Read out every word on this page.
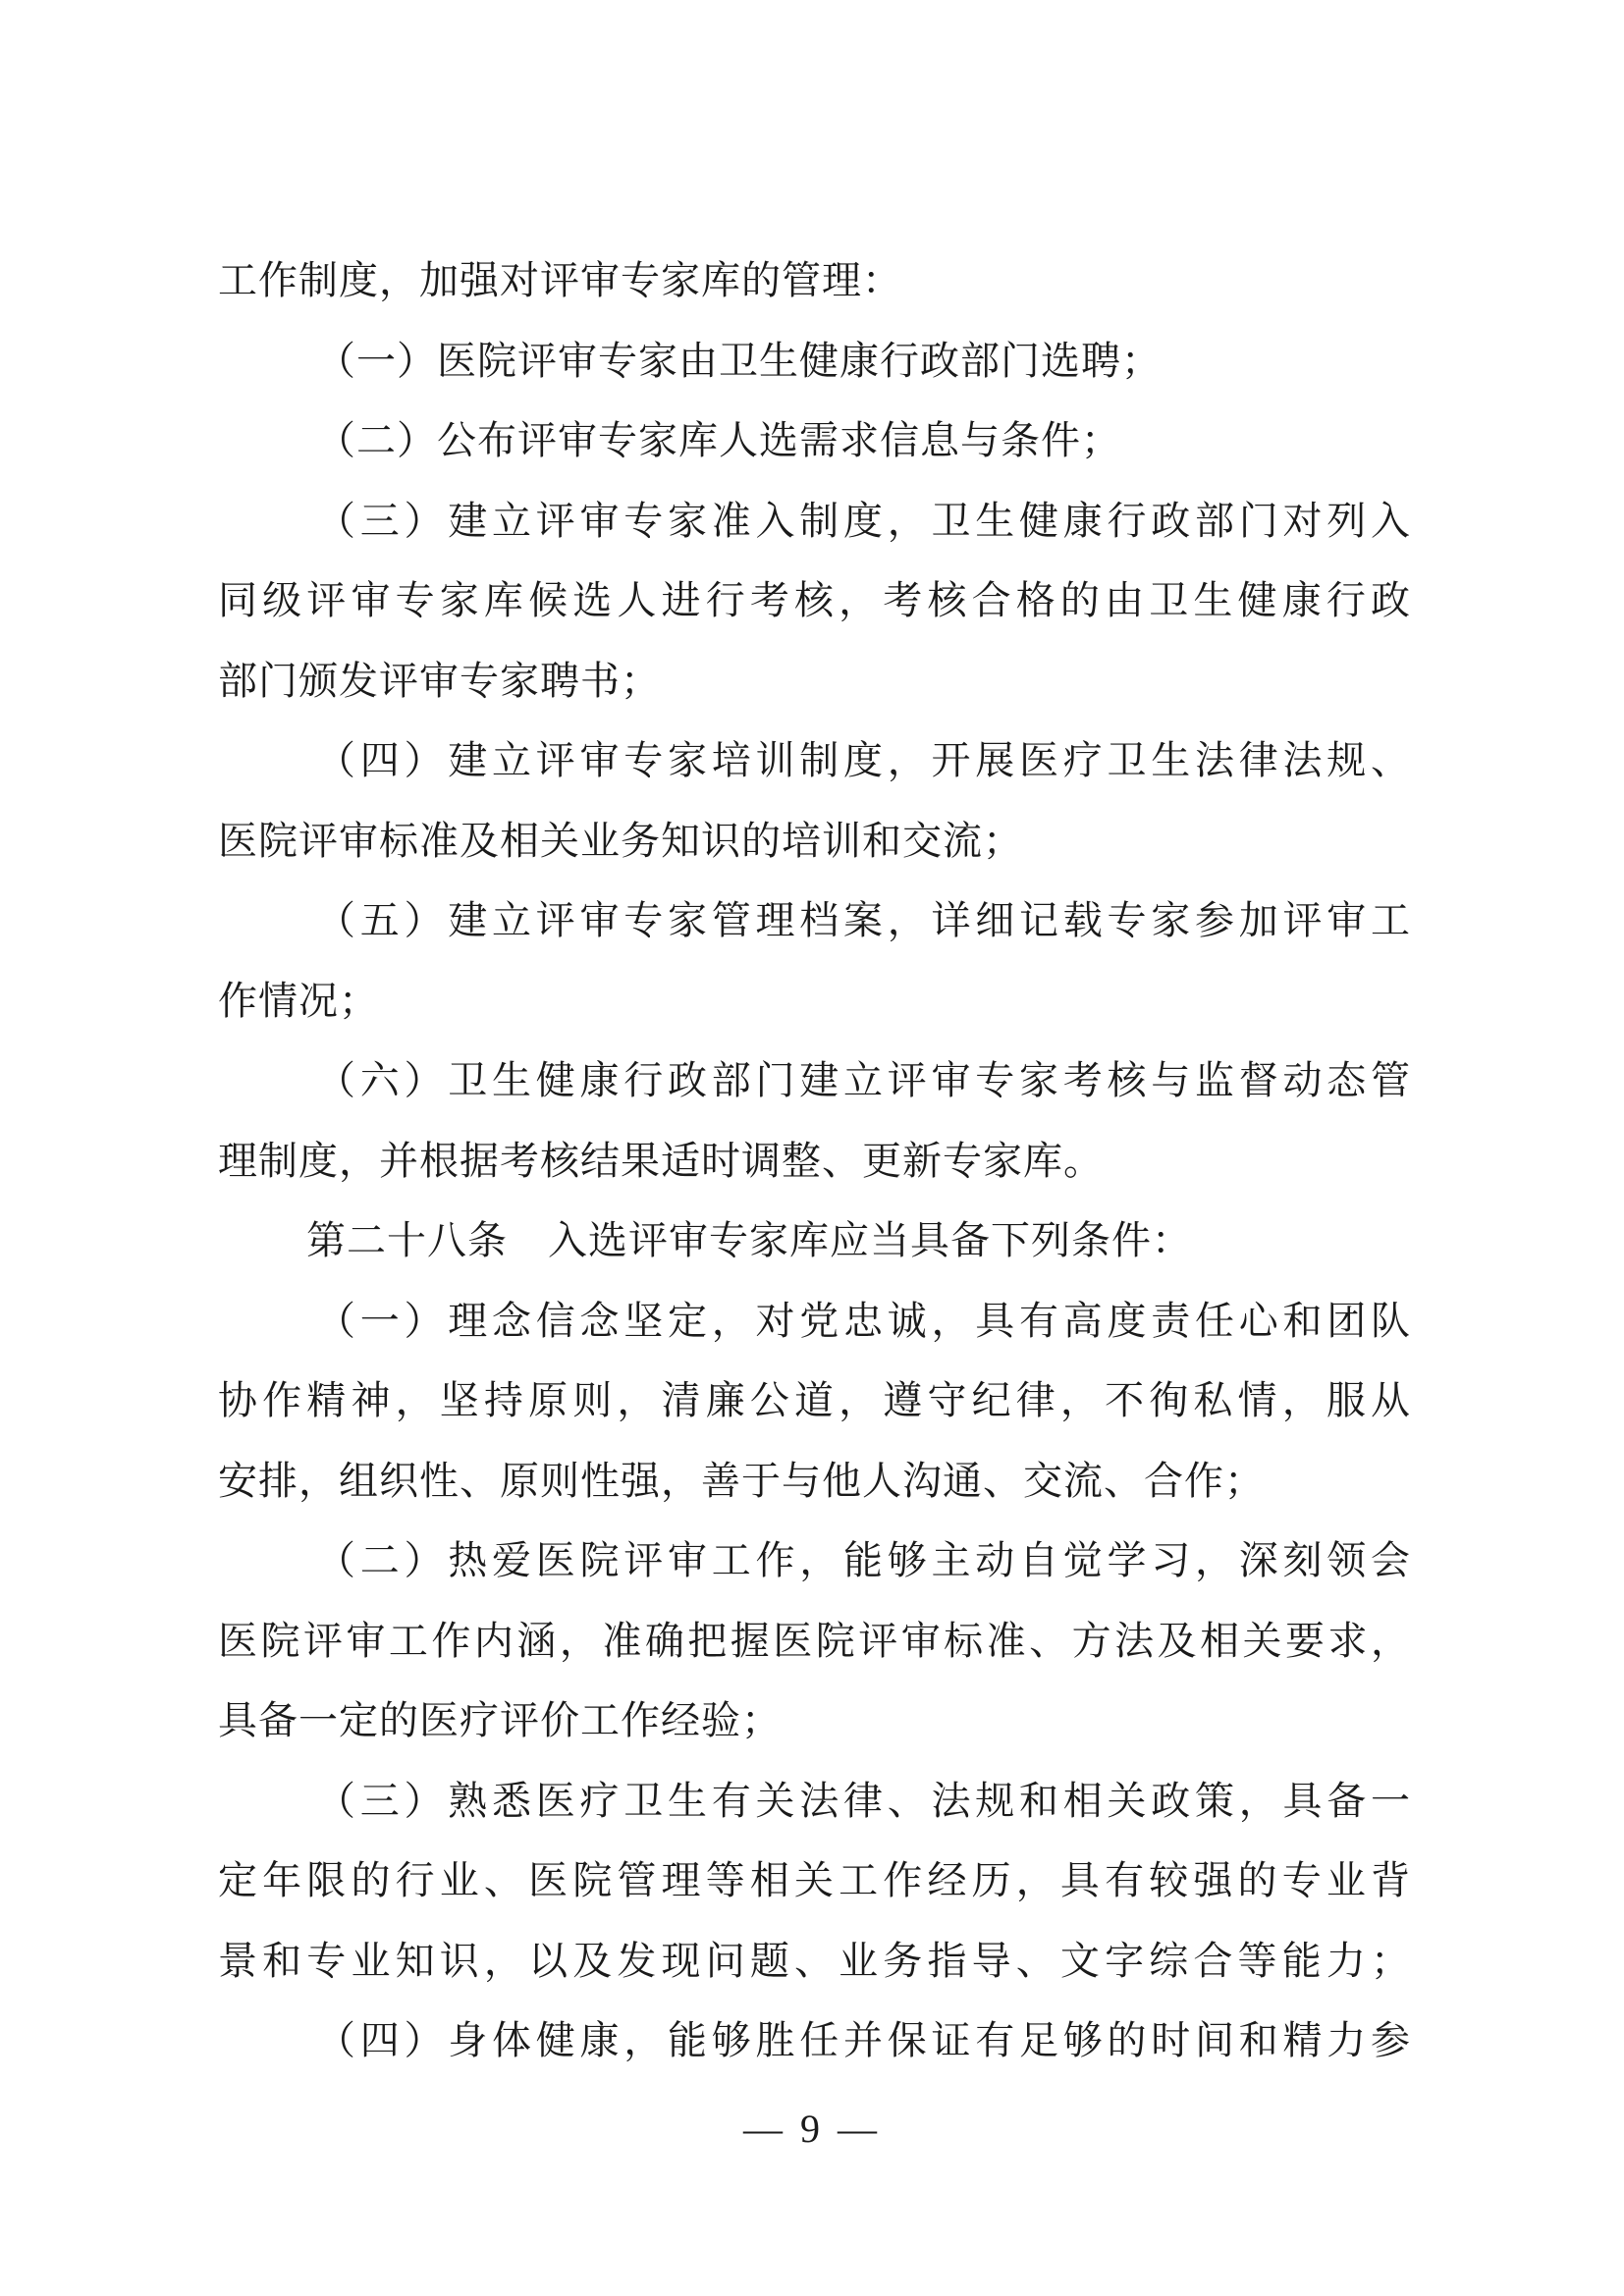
工作制度，加强对评审专家库的管理：
（一）医院评审专家由卫生健康行政部门选聘；
（二）公布评审专家库人选需求信息与条件；
（三）建立评审专家准入制度，卫生健康行政部门对列入
同级评审专家库候选人进行考核，考核合格的由卫生健康行政
部门颁发评审专家聘书；
（四）建立评审专家培训制度，开展医疗卫生法律法规、
医院评审标准及相关业务知识的培训和交流；
（五）建立评审专家管理档案，详细记载专家参加评审工
作情况；
（六）卫生健康行政部门建立评审专家考核与监督动态管
理制度，并根据考核结果适时调整、更新专家库。
第二十八条　入选评审专家库应当具备下列条件：
（一）理念信念坚定，对党忠诚，具有高度责任心和团队
协作精神，坚持原则，清廉公道，遵守纪律，不徇私情，服从
安排，组织性、原则性强，善于与他人沟通、交流、合作；
（二）热爱医院评审工作，能够主动自觉学习，深刻领会
医院评审工作内涵，准确把握医院评审标准、方法及相关要求，
具备一定的医疗评价工作经验；
（三）熟悉医疗卫生有关法律、法规和相关政策，具备一
定年限的行业、医院管理等相关工作经历，具有较强的专业背
景和专业知识，以及发现问题、业务指导、文字综合等能力；
（四）身体健康，能够胜任并保证有足够的时间和精力参
— 9 —
